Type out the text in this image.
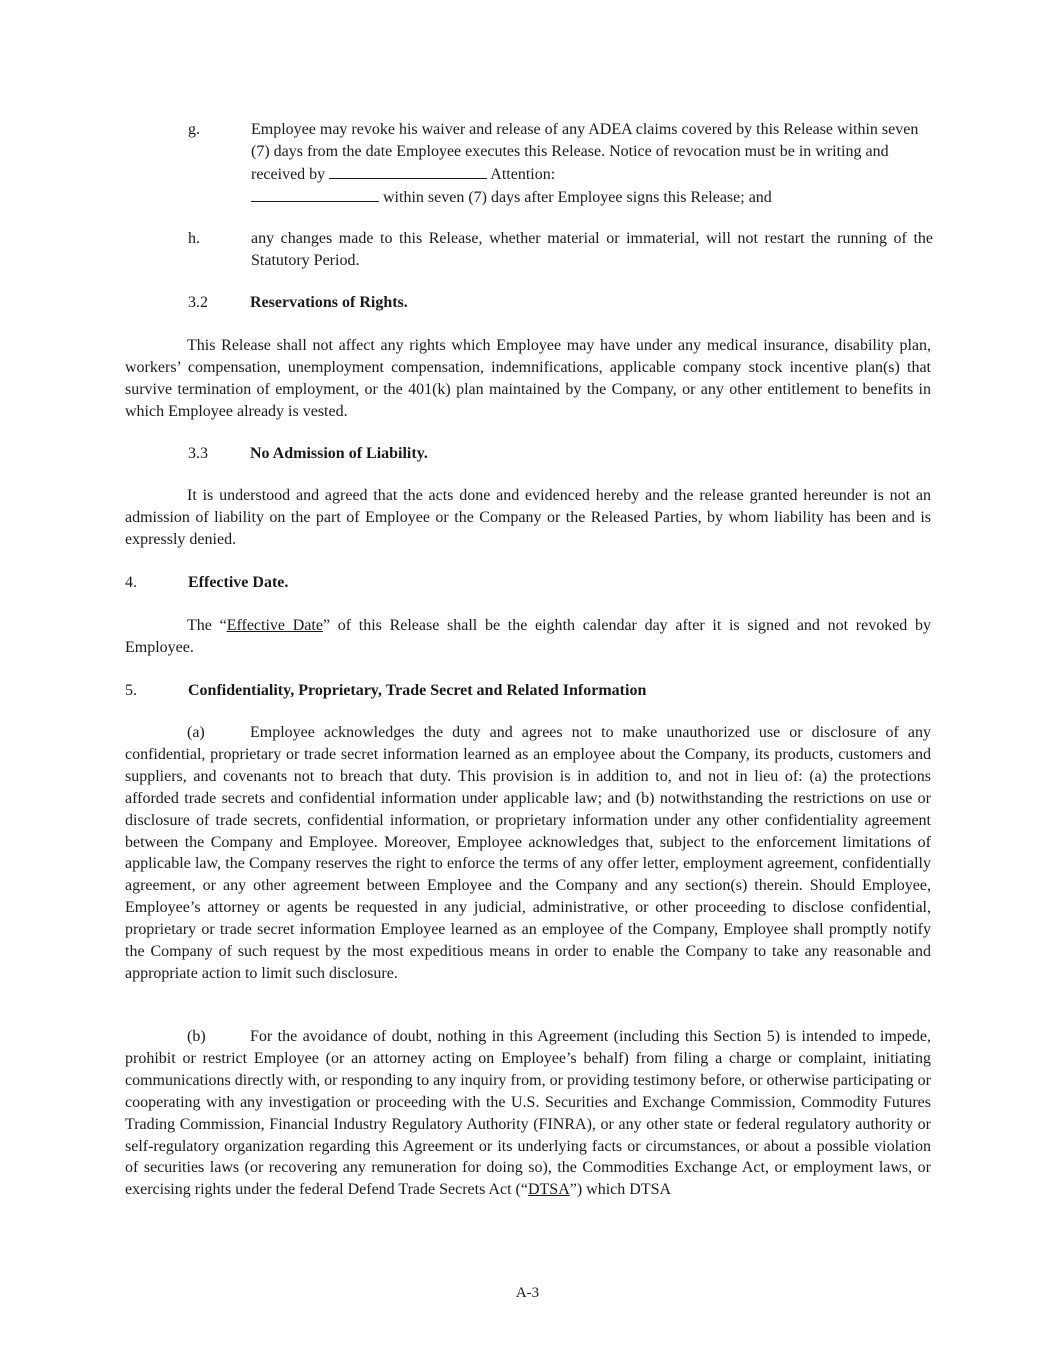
g.	Employee may revoke his waiver and release of any ADEA claims covered by this Release within seven (7) days from the date Employee executes this Release. Notice of revocation must be in writing and received by	Attention:
within seven (7) days after Employee signs this Release; and
h.	any changes made to this Release, whether material or immaterial, will not restart the running of the Statutory Period.
3.2	Reservations of Rights.
This Release shall not affect any rights which Employee may have under any medical insurance, disability plan, workers’ compensation, unemployment compensation, indemnifications, applicable company stock incentive plan(s) that survive termination of employment, or the 401(k) plan maintained by the Company, or any other entitlement to benefits in which Employee already is vested.
3.3	No Admission of Liability.
It is understood and agreed that the acts done and evidenced hereby and the release granted hereunder is not an admission of liability on the part of Employee or the Company or the Released Parties, by whom liability has been and is expressly denied.
4.	Effective Date.
The “Effective Date” of this Release shall be the eighth calendar day after it is signed and not revoked by Employee.
5.	Confidentiality, Proprietary, Trade Secret and Related Information
(a)	Employee acknowledges the duty and agrees not to make unauthorized use or disclosure of any confidential, proprietary or trade secret information learned as an employee about the Company, its products, customers and suppliers, and covenants not to breach that duty. This provision is in addition to, and not in lieu of: (a) the protections afforded trade secrets and confidential information under applicable law; and (b) notwithstanding the restrictions on use or disclosure of trade secrets, confidential information, or proprietary information under any other confidentiality agreement between the Company and Employee. Moreover, Employee acknowledges that, subject to the enforcement limitations of applicable law, the Company reserves the right to enforce the terms of any offer letter, employment agreement, confidentially agreement, or any other agreement between Employee and the Company and any section(s) therein. Should Employee, Employee’s attorney or agents be requested in any judicial, administrative, or other proceeding to disclose confidential, proprietary or trade secret information Employee learned as an employee of the Company, Employee shall promptly notify the Company of such request by the most expeditious means in order to enable the Company to take any reasonable and appropriate action to limit such disclosure.
(b)	For the avoidance of doubt, nothing in this Agreement (including this Section 5) is intended to impede, prohibit or restrict Employee (or an attorney acting on Employee’s behalf) from filing a charge or complaint, initiating communications directly with, or responding to any inquiry from, or providing testimony before, or otherwise participating or cooperating with any investigation or proceeding with the U.S. Securities and Exchange Commission, Commodity Futures Trading Commission, Financial Industry Regulatory Authority (FINRA), or any other state or federal regulatory authority or self-regulatory organization regarding this Agreement or its underlying facts or circumstances, or about a possible violation of securities laws (or recovering any remuneration for doing so), the Commodities Exchange Act, or employment laws, or exercising rights under the federal Defend Trade Secrets Act (“DTSA”) which DTSA
A-3
